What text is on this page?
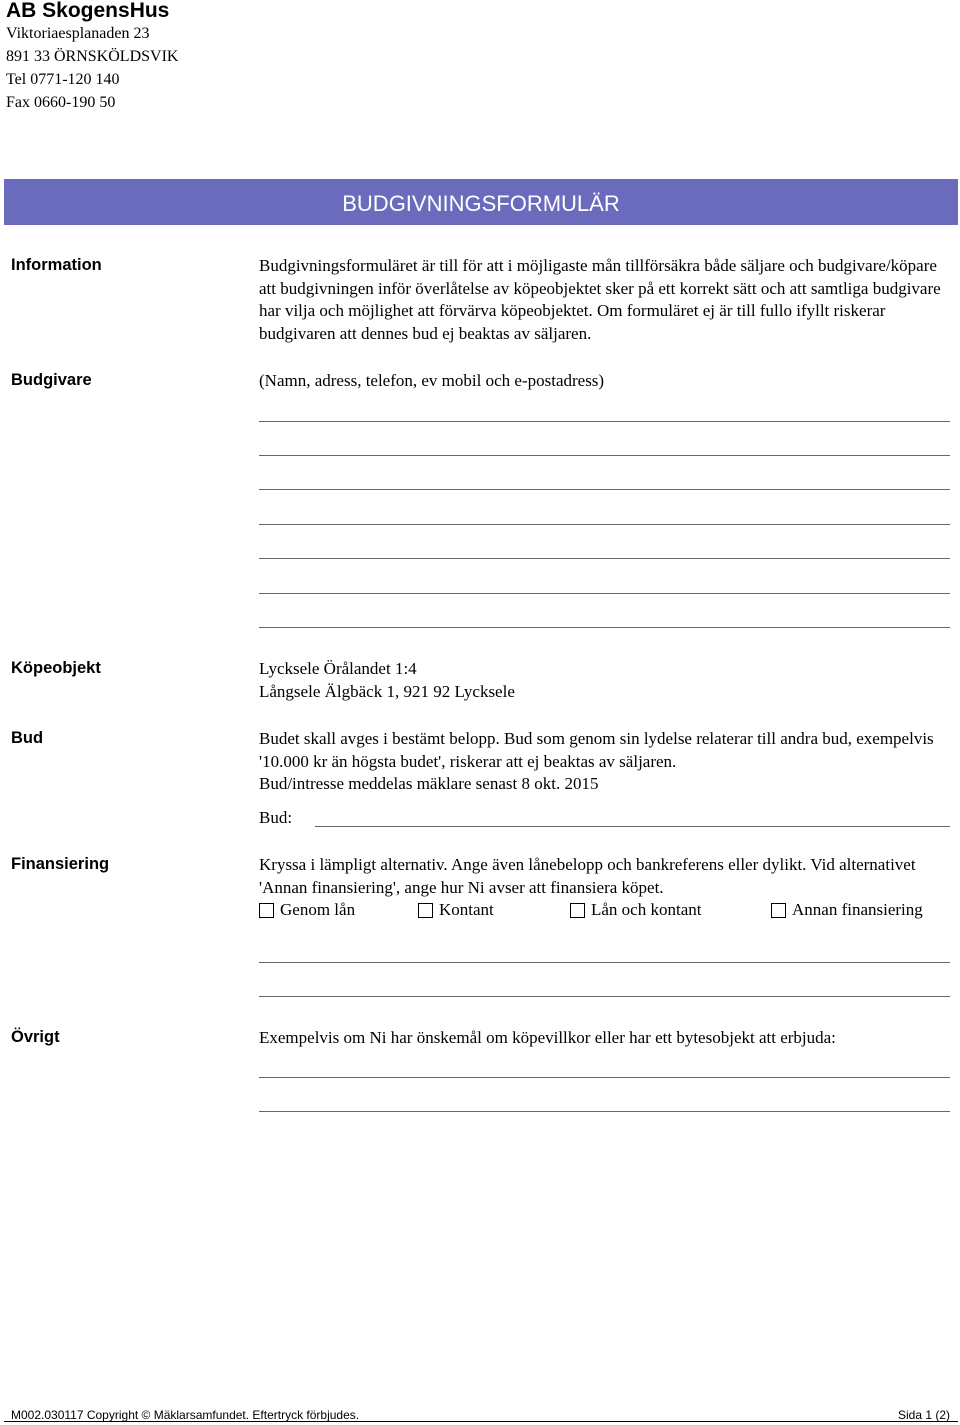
AB SkogensHus
Viktoriaesplanaden 23
891 33 ÖRNSKÖLDSVIK
Tel 0771-120 140
Fax 0660-190 50
BUDGIVNINGSFORMULÄR
Information	Budgivningsformuläret är till för att i möjligaste mån tillförsäkra både säljare och budgivare/köpare att budgivningen inför överlåtelse av köpeobjektet sker på ett korrekt sätt och att samtliga budgivare har vilja och möjlighet att förvärva köpeobjektet. Om formuläret ej är till fullo ifyllt riskerar budgivaren att dennes bud ej beaktas av säljaren.
Budgivare	(Namn, adress, telefon, ev mobil och e-postadress)
Köpeobjekt	Lycksele Örålandet 1:4
Långsele Älgbäck 1, 921 92 Lycksele
Bud	Budet skall avges i bestämt belopp. Bud som genom sin lydelse relaterar till andra bud, exempelvis '10.000 kr än högsta budet', riskerar att ej beaktas av säljaren.
Bud/intresse meddelas mäklare senast 8 okt. 2015
Bud:
Finansiering	Kryssa i lämpligt alternativ. Ange även lånebelopp och bankreferens eller dylikt. Vid alternativet 'Annan finansiering', ange hur Ni avser att finansiera köpet.
Genom lån	Kontant	Lån och kontant	Annan finansiering
Övrigt	Exempelvis om Ni har önskemål om köpevillkor eller har ett bytesobjekt att erbjuda:
M002.030117 Copyright © Mäklarsamfundet. Eftertryck förbjudes.	Sida 1 (2)
